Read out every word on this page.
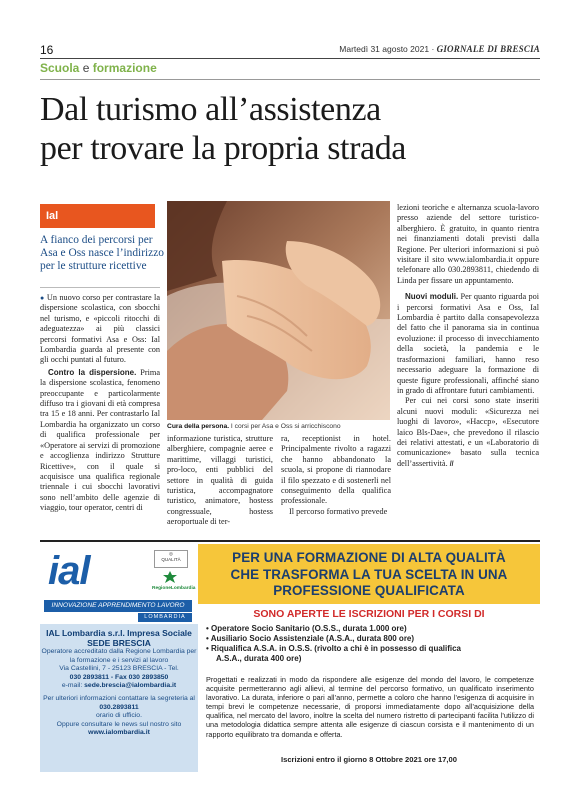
16	Martedì 31 agosto 2021 · GIORNALE DI BRESCIA
Scuola e formazione
Dal turismo all’assistenza
per trovare la propria strada
Ial
A fianco dei percorsi per Asa e Oss nasce l’indirizzo per le strutture ricettive

● Un nuovo corso per contrastare la dispersione scolastica, con sbocchi nel turismo, e «piccoli ritocchi di adeguatezza» ai più classici percorsi formativi Asa e Oss: Ial Lombardia guarda al presente con gli occhi puntati al futuro.

Contro la dispersione. Prima la dispersione scolastica, fenomeno preoccupante e particolarmente diffuso tra i giovani di età compresa tra 15 e 18 anni. Per contrastarlo Ial Lombardia ha organizzato un corso di qualifica professionale per «Operatore ai servizi di promozione e accoglienza indirizzo Strutture Ricettive», con il quale si acquisisce una qualifica regionale triennale i cui sbocchi lavorativi sono nell’ambito delle agenzie di viaggio, tour operator, centri di

Cura della persona. I corsi per Asa e Oss si arricchiscono

informazione turistica, strutture alberghiere, compagnie aeree e marittime, villaggi turistici, pro-loco, enti pubblici del settore in qualità di guida turistica, accompagnatore turistico, animatore, hostess congressuale, hostess aeroportuale di ter-

ra, receptionist in hotel. Principalmente rivolto a ragazzi che hanno abbandonato la scuola, si propone di riannodare il filo spezzato e di sostenerli nel conseguimento della qualifica professionale.

Il percorso formativo prevede

lezioni teoriche e alternanza scuola-lavoro presso aziende del settore turistico-alberghiero. È gratuito, in quanto rientra nei finanziamenti dotali previsti dalla Regione. Per ulteriori informazioni si può visitare il sito www.ialombardia.it oppure telefonare allo 030.2893811, chiedendo di Linda per fissare un appuntamento.

Nuovi moduli. Per quanto riguarda poi i percorsi formativi Asa e Oss, Ial Lombardia è partito dalla consapevolezza del fatto che il panorama sia in continua evoluzione: il processo di invecchiamento della società, la pandemia e le trasformazioni familiari, hanno reso necessario adeguare la formazione di queste figure professionali, affinché siano in grado di affrontare futuri cambiamenti.

Per cui nei corsi sono state inseriti alcuni nuovi moduli: «Sicurezza nei luoghi di lavoro», «Haccp», «Esecutore laico Bls-Dae», che prevedono il rilascio dei relativi attestati, e un «Laboratorio di comunicazione» basato sulla tecnica dell’assertività. //

ial	◎
QUALITÀ
RegioneLombardia
INNOVAZIONE APPRENDIMENTO LAVORO
LOMBARDIA
IAL Lombardia s.r.l. Impresa Sociale SEDE BRESCIA
Operatore accreditato dalla Regione Lombardia per la formazione e i servizi al lavoro
Via Castellini, 7 - 25123 BRESCIA - Tel.
030 2893811 - Fax 030 2893850
e-mail: sede.brescia@ialombardia.it
Per ulteriori informazioni contattare la segreteria al 030.2893811
orario di ufficio.
Oppure consultare le news sul nostro sito www.ialombardia.it
PER UNA FORMAZIONE DI ALTA QUALITÀ
CHE TRASFORMA LA TUA SCELTA IN UNA
PROFESSIONE QUALIFICATA
SONO APERTE LE ISCRIZIONI PER I CORSI DI
• Operatore Socio Sanitario (O.S.S., durata 1.000 ore)
• Ausiliario Socio Assistenziale (A.S.A., durata 800 ore)
• Riqualifica A.S.A. in O.S.S. (rivolto a chi è in possesso di qualifica
A.S.A., durata 400 ore)
Progettati e realizzati in modo da rispondere alle esigenze del mondo del lavoro, le competenze acquisite permetteranno agli allievi, al termine del percorso formativo, un qualificato inserimento lavorativo. La durata, inferiore o pari all’anno, permette a coloro che hanno l’esigenza di acquisire in tempi brevi le competenze necessarie, di proporsi immediatamente dopo all’acquisizione della qualifica, nel mercato del lavoro, inoltre la scelta del numero ristretto di partecipanti facilita l’utilizzo di una metodologia didattica sempre attenta alle esigenze di ciascun corsista e il mantenimento di un rapporto equilibrato tra domanda e offerta.
Iscrizioni entro il giorno 8 Ottobre 2021 ore 17,00
